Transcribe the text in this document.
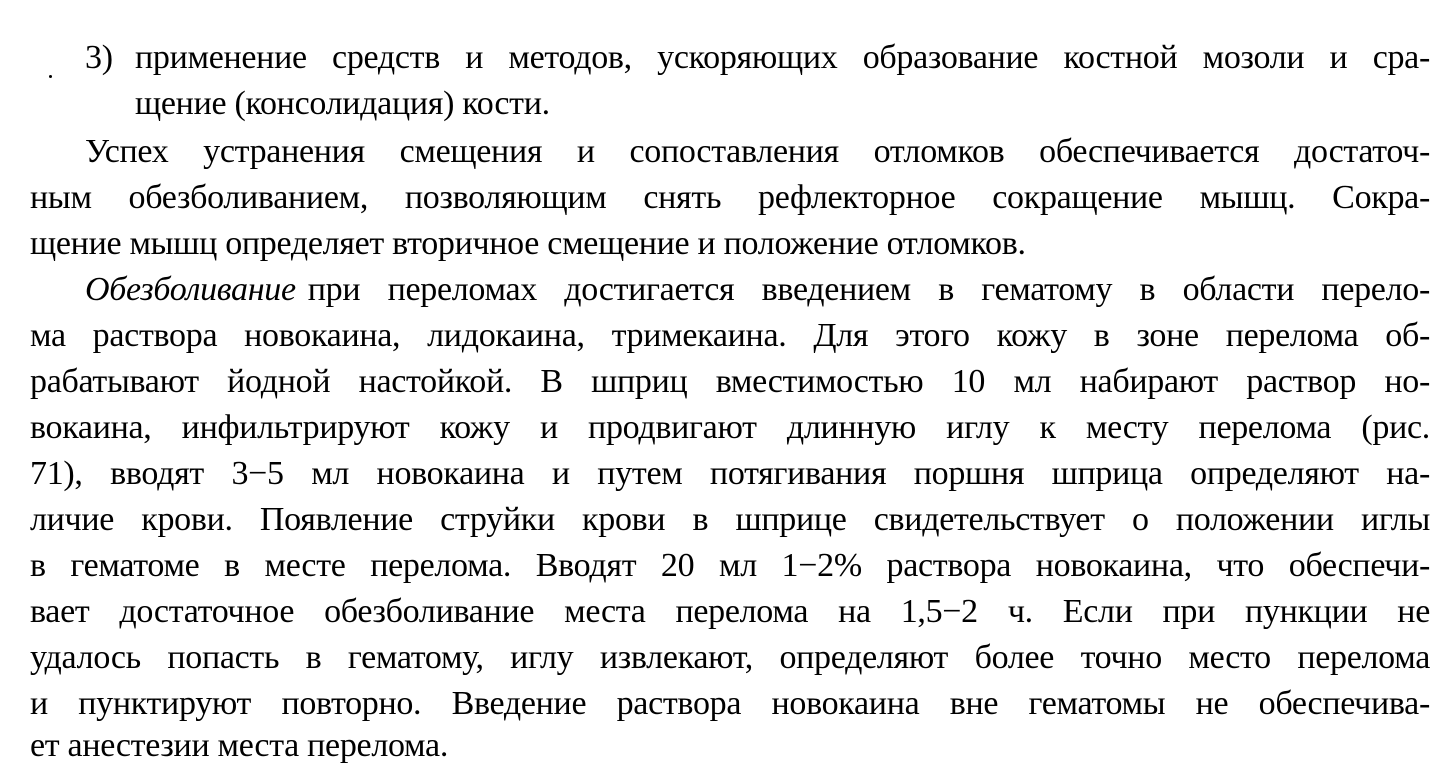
3) применение средств и методов, ускоряющих образование костной мозоли и сра-
щение (консолидация) кости.
Успех устранения смещения и сопоставления отломков обеспечивается достаточ-
ным обезболиванием, позволяющим снять рефлекторное сокращение мышц. Сокра-
щение мышц определяет вторичное смещение и положение отломков.
Обезболивание при переломах достигается введением в гематому в области перело-
ма раствора новокаина, лидокаина, тримекаина. Для этого кожу в зоне перелома об-
рабатывают йодной настойкой. В шприц вместимостью 10 мл набирают раствор но-
вокаина, инфильтрируют кожу и продвигают длинную иглу к месту перелома (рис.
71), вводят 3−5 мл новокаина и путем потягивания поршня шприца определяют на-
личие крови. Появление струйки крови в шприце свидетельствует о положении иглы
в гематоме в месте перелома. Вводят 20 мл 1−2% раствора новокаина, что обеспечи-
вает достаточное обезболивание места перелома на 1,5−2 ч. Если при пункции не
удалось попасть в гематому, иглу извлекают, определяют более точно место перелома
и пунктируют повторно. Введение раствора новокаина вне гематомы не обеспечива-
ет анестезии места перелома.
